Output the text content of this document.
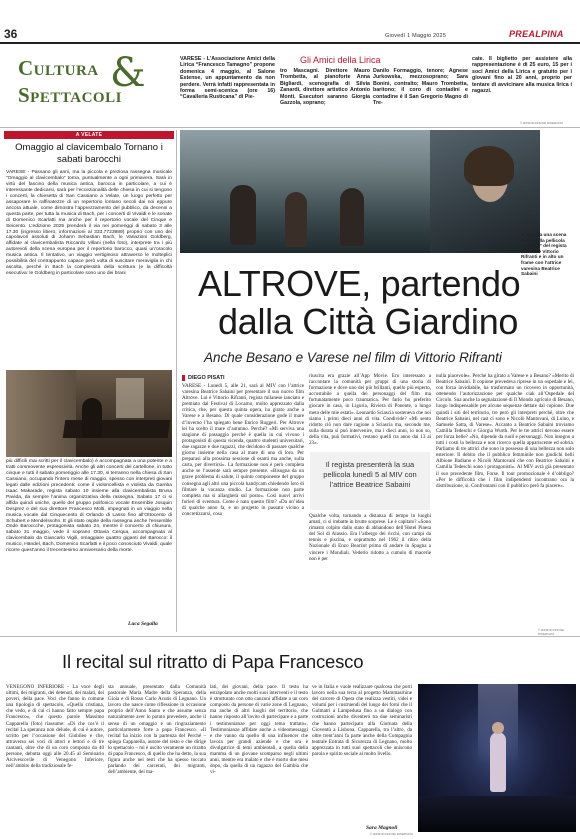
36	Giovedì 1 Maggio 2025	PREALPINA
Cultura &
Spettacoli
VARESE - L’Associazione Amici della Lirica “Francesco Tamagno” propone domenica 4 maggio, al Salone Estense, un appuntamento da non perdere. Verrà infatti rappresentata in forma semi-scenica (ore 16) “Cavalleria Rusticana” di Pie-
Gli Amici della Lirica
tro Mascagni. Direttore Mauro Trombetta, al pianoforte Anna Bigliardi, scenografia di Silvia Zanardi, direttore artistico Antonio Monti. Esecutori saranno Giorgia Gazzola, soprano;
Danilo Formaggio, tenore; Agnese Jurkowska, mezzosoprano; Sara Bonini, contralto; Mauro Trombetta, baritono; il coro di contadini e contadine è il San Gregorio Magno di Tre-
cate. Il biglietto per assistere alla rappresentazione è di 25 euro, 15 per i soci Amici della Lirica e gratuito per i giovani fino al 20 anni, proprio per tentare di avvicinare alla musica lirica i ragazzi.
© RIPRODUZIONE RISERVATA
A VELATE
Omaggio al clavicembalo Tornano i sabati barocchi
VARESE - Passano gli anni, ma la piccola e preziosa rassegna musicale “Omaggio al clavicembalo” torna, puntualmente a ogni primavera. Sarà in virtù del fascino della musica antica, barocca in particolare, a cui è interessante dedicarsi, sarà per l’eccezionalità delle chiesa in cui si tengono i concerti, la chiesetta di San Cassiano a Velate, un luogo perfetto per assaporare le raffinatezze di un repertorio lontano secoli dai noi eppure ancora attuale, come dimostra l’apprezzamento del pubblico, da decenni a questa parte, per tutta la musica di Bach, per i concerti di Vivaldi e le sonate di Domenico Scarlatti ma anche per il repertorio vocale del Cinque e Seicento. L’edizione 2025 prenderà il via nei pomeriggi di sabato 3 alle 17.30 (ingresso libero; informazioni al 333.7723989) proprio con uno dei capolavori assoluti di Johann Sebastian Bach, le Variazioni Goldberg, affidate al clavicembalista Riccardo Villani (nella foto), interprete tra i più autorevoli della scena europea per il repertorio barocco, quasi un’oracolo musica antica. Il tentativo, un viaggio vertiginoso attraverso le molteplici possibilità del contrappunto capace però volta di suscitare meraviglia in chi ascolta, perché in Bach la complessità della scrittura (e la difficoltà esecutiva: le Goldberg in particolare sono uno dei brani
più difficili mai scritti per il clavicembalo) è accompagnata a una potente e a tratti commovente espressività. Anche gli altri concerti del cartellone, in tutto cinque e tutti il sabato pomeriggio alle 17.30, si terranno nella chiesa di San Cassiano, occupando l’intero mese di maggio, spesso con interpreti giovani legati dalle edizioni precedenti: come il violoncellista e violista da Gamba Isaac Makarade, regista sabato 10 insieme alla clavicembalista Bruna Pavida, da sempre l’anima organizzativa della rassegna. Sabato 17 ci si affida quindi uniche, quello del gruppo polifonico vocale Ensemble Josquin Desprez e del suo direttore Francesco Molti, impegnati in un viaggio nella musica vocale dal Cinquecento di Orlando di Lasso fino all’Ottocento di Schubert e Mendelssohn. E gli stato ospite della rassegna anche l’ensemble Onde Baroccche, protagonista sabato 24, mentre il concerto di chiusura, sabato 31 maggio, vede il soprano Ottavia Cerqua, accompagnata al clavicembalo da Giancarlo Vigili, omaggiare quattro giganti del Barocco: il musico, Händel, Bach, Domenico Scarlatti e il poco conosciuto Vivaldi, quale ricorre quest’anno il trecentesimo anniversario della morte.
Luca Segalla
A sinistra una scena tratta dalla pellicola “Altrove” del regista milanese Vittorio Rifranti e in alto un frame con l’attrice varesina Beatrice Sabaini
ALTROVE, partendo
dalla Città Giardino
Anche Besano e Varese nel film di Vittorio Rifranti
DIEGO PISATI
VARESE - Lunedì 5, alle 21, sarà al MIV con l’attrice varesina Beatrice Sabaini per presentare il suo nuovo film Altrove. Lui è Vittorio Rifranti, regista milanese lanciato e premiato dal Festival di Locarno, molto apprezzato dalla critica, che, per questa quinta opera, ha girato anche a Varese e a Besano. Di quale considerazione gode il mare d’inverno l’ha spiegato bene Enrico Ruggeri. Per Altrove lei ha scelto il mare d’autunno. Perché? «Mi serviva una stagione di passaggio perché è quella in cui vivono i protagonisti di questa vicenda, quattro studenti universitari, due ragazze e due ragazzi, che decidono di passare qualche giorno insieme nella casa al mare di uno di loro. Per preparasi alla prossima sessione di esami ma anche, sulla carta, per divertirsi». La formazione non è però completa anche se l’assente sarà sempre presente. «Bisogna da un grave problema di salute, il quinto componente del gruppo consegna agli altri una piccola handycam chiedendo loro di filmare la vacanza studio. La formazione non parte completa ma si allargherà sul posto». Così nuovi arrivi forieri di sventura. Come è nato questo film? «Da un’idea di qualche anno fa, e un progetto in passato vicino a concretizzarsi, cosa
riuscita era grazie all’App Movie. Ero interessato a raccontare la comunità per gruppi di una storia di formazione e dove uno dei più brillanti, quello più esperto, accostabile a quella dei personaggi del film ma fortunatamente poco traumatica. Per farlo ho preferito giocare in casa, in Liguria, Riviera di Ponente, a lungo meta delle mie estati». Leonardo Sciascia sosteneva che noi siamo i primi dieci anni di vita. Condivide? «Mi sento ridotto ciò non dare ragione a Sciascia ma, secondo me, sulla durata si può intervenire, ma i dieci anni, io non so, della vita, può formativi, restano quelli tra anno dai 13 ai 23».
Il regista presenterà la sua pellicola lunedì 5 al MIV con l’attrice Beatrice Sabaini
Qualche volta, tornando a distanza di tempo in luoghi amati, ci si imbatte in brutte sorprese. Le è capitato? «Sono rimasto colpito dallo stato di abbandono dell’Hotel Pineta del Sol di Alassio. Era l’albergo dei ricchi, con campi da tennis e piscina, e soprattutto nel 1962 il ritiro della Nazionale di Enzo Bearzot prima di andare in Spagna a vincere i Mondiali. Vederlo ridotto a cumulo di macerie non è per
nulla piacevole». Perché ha girato a Varese e a Besano? «Merito di Beatrice Sabaini. Il copione prevedeva riprese in un ospedale e lei, con forza invidiabile, ha trasformato un ricovero in opportunità, ottenendo l’autorizzazione per qualche ciak all’Ospedale del Circolo. Sua anche la segnalazione di Il Mondo agricolo di Besano, luogo indispensabile per alcune sequenze dettate dal copione. Due quindi i siti del territorio, tre però gli interpreti perché, oltre che Beatrice Sabaini, nel cast ci sono e Nicolò Mantovani, di Luino, e Samuele Satta, di Varese». Accanto a Beatrice Sabaini troviamo Camilla Tedeschi e Giorgia Wurth. Per le tre attrici devono essere per forza belle? «No, dipende da ruoli e personaggi. Non insegno a tutti i costi la bellezza e non ricerco quella appariscente ed sobria. Parliamo di tre attrici che sono in possesso di una bellezza non solo esteriore. Il debito che il pubblico femminile non giudichi belli Albione Badiano e Nicolò Mantovani che con Beatrice Sabaini e Camilla Tedeschi sono i protagonisti». Al MIV avrà già presentato il suo precedente film, Forse. Il tour promozionale è d’obbligo? «Per le difficoltà che i film indipendenti incontrano ora la distribuzione, si. Confrontarsi con il pubblico però fa piacere».
© RIPRODUZIONE RISERVATA
Il recital sul ritratto di Papa Francesco
VENEGONO INFERIORE - La voce degli ultimi, dei migranti, dei detenuti, dei malati, dei poveri, della pace. Voci che fanno in comune una tipologia di spettacolo, «Quella cristiana, che vedo, e di cui ci hanno fatto sempre papa Francesco», che questo parole Massimo Capparella (foto) riassume: «Di che cos’è il recital La speranza non delude, di cui è autore, scritto per l’occasione del Giubileo e che, attraverso sei voci di attori e lettori e di tre cantanti, oltre che di un coro composto da 40 persone, debutta oggi alle 20.45 al Seminario Arcivescovile di Venegono Inferiore, nell’ambito della tradizionale fe-
sta annuale, presentato dalla Comunità pastorale Maria Madre della Speranza, della Gioia e di Rosso Carlo Acutis di Legnano. Un lavoro che nasce come riflessione in occasione proprio dell’Anno Santo e che assume senza naturalmente aver lo potuto prevedere, anche il senso di un omaggio e un ringraziamento particolarmente forte a papa Francesco. «Il recital ha inizio con la partenza del Perché – spiega Capparella, autore del testo e che dirige lo spettacolo – mi è uscito veramente un ritratto di papa Francesco, di quello che ha detto, la sua figura anche nei testi che ha spesso toccato parlando dei carcerati, dei migranti, dell’ambiente, dei ma-
lati, dei giovani, della pace. Il testo ha estrapolato anche molti suoi interventi e il testo è strutturato con otto canzoni affidate a un coro composto da persone di varie zone di Legnano, ma anche di altri luoghi del territorio, che hanno risposto all’invito di partecipare e a parte i testimonianze per oggi tema trattato». Testimonianze affidate anche a videomessaggi e che vanno da quello di una influencer che lavora per grandi aziende e che ora è divulgatrice di temi ambientali, a quella della mamma di un giovane scomparso negli ultimi anni, mentre era malato e che è morto due mesi dopo, da quella di un ragazzo del Gambia che vi-
ve in Italia e vuole realizzare qualcosa che porti lavoro nella sua terra al progetto Mammasrhine del carcere di Opera che realizza vestiti, videi e volumi per i costruendi del luogo dei forni che il Gulmatri a Lampedusa fino a un dialogo con costruzioni anche diventeró tra due seminaristi che hanno partecipato alla Giornata della Gioventù a Lisbona. Capparella, tra l’altro, da oltre trent’anni fa parte anche della Compagnia teatrale Entrata di Sicurezza di Legnano, molto apprezzata in tutti suoi spettacoli che uniscono parola e spirito sociale al molto livello.
Sara Magnoli
© RIPRODUZIONE RISERVATA
